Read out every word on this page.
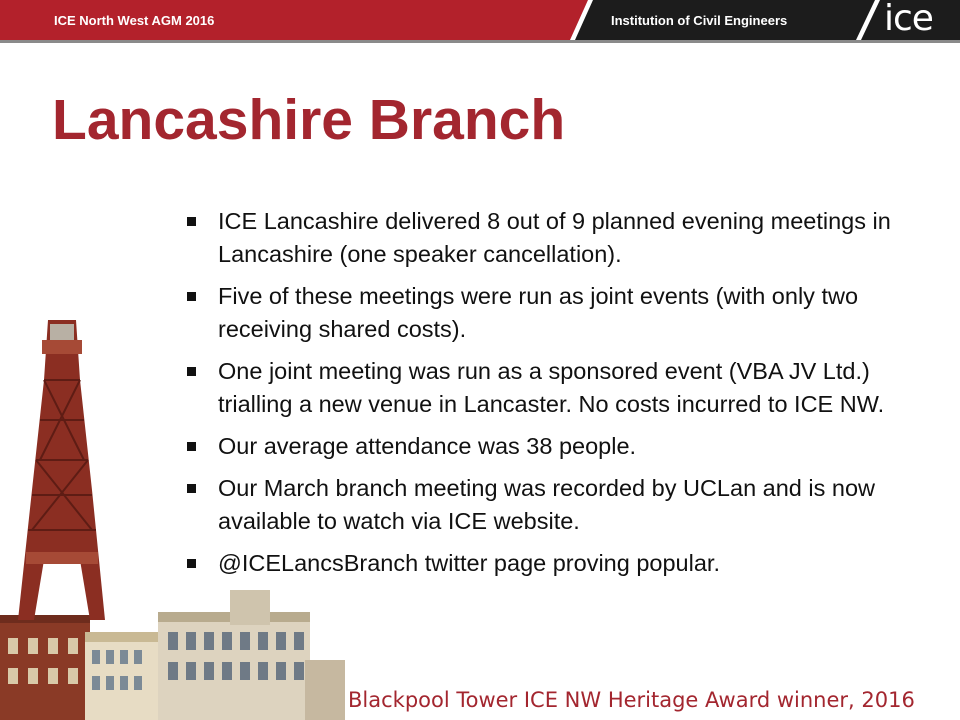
ICE North West AGM 2016	Institution of Civil Engineers	ice
Lancashire Branch
ICE Lancashire delivered 8 out of 9 planned evening meetings in Lancashire (one speaker cancellation).
Five of these meetings were run as joint events (with only two receiving shared costs).
One joint meeting was run as a sponsored event (VBA JV Ltd.) trialling a new venue in Lancaster. No costs incurred to ICE NW.
Our average attendance was 38 people.
Our March branch meeting was recorded by UCLan and is now available to watch via ICE website.
@ICELancsBranch twitter page proving popular.
Blackpool Tower ICE NW Heritage Award winner, 2016
